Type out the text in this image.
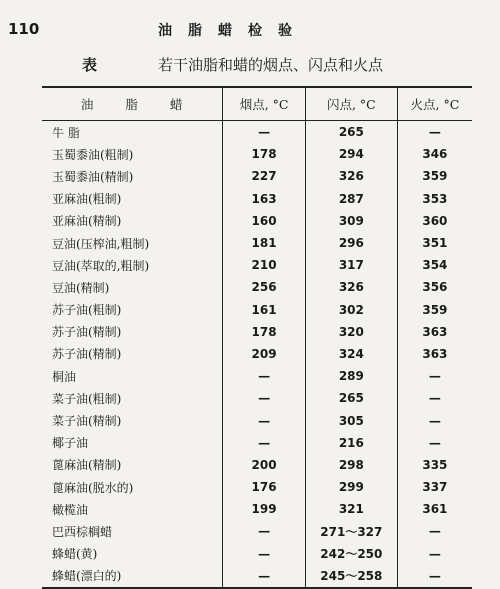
110	油脂蜡检验
表	若干油脂和蜡的烟点、闪点和火点
油 脂 蜡	烟点, °C	闪点, °C	火点, °C
牛 脂	—	265	—
玉蜀黍油(粗制)	178	294	346
玉蜀黍油(精制)	227	326	359
亚麻油(粗制)	163	287	353
亚麻油(精制)	160	309	360
豆油(压榨油,粗制)	181	296	351
豆油(萃取的,粗制)	210	317	354
豆油(精制)	256	326	356
苏子油(粗制)	161	302	359
苏子油(精制)	178	320	363
苏子油(精制)	209	324	363
桐油	—	289	—
菜子油(粗制)	—	265	—
菜子油(精制)	—	305	—
椰子油	—	216	—
蓖麻油(精制)	200	298	335
蓖麻油(脱水的)	176	299	337
橄榄油	199	321	361
巴西棕榈蜡	—	271～327	—
蜂蜡(黄)	—	242～250	—
蜂蜡(漂白的)	—	245～258	—
